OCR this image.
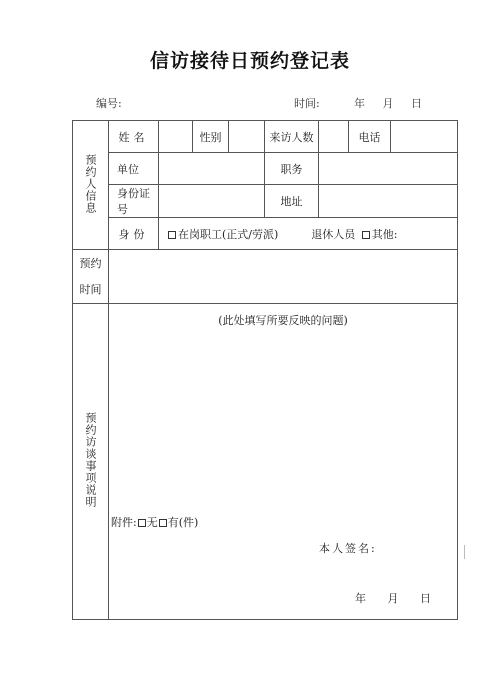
信访接待日预约登记表
编号:	时间:	年 月 日
预约人信息	姓名		性别		来访人数		电话	
	单位				职务			
	身份证号				地址			
	身份	在岗职工(正式/劳派) 退休人员 其他:						

预约
时间								

预约访谈事项说明	(此处填写所要反映的问题)
附件: 无 有(件)
本人签名:
年 月 日							
